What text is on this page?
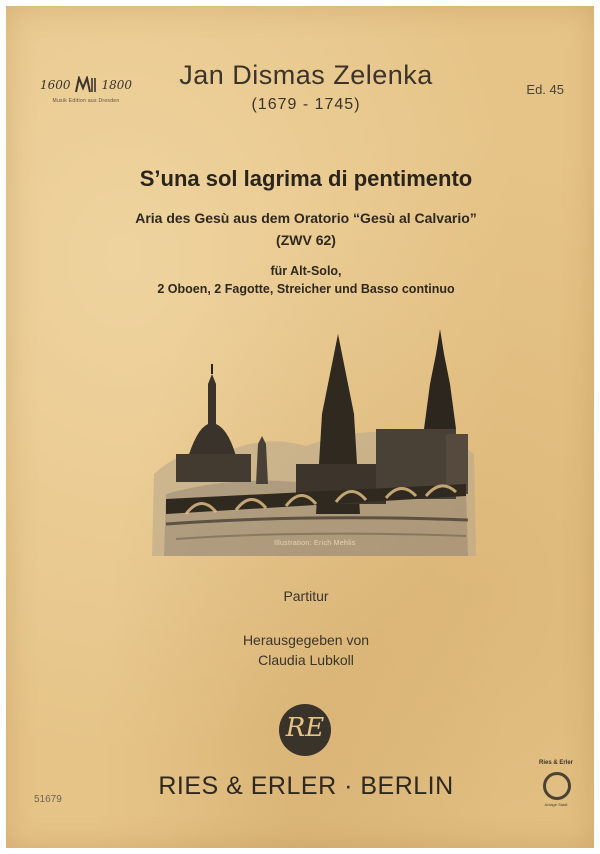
1600	1800
Musik Edition aus Dresden
Jan Dismas Zelenka
(1679 - 1745)
Ed. 45
S’una sol lagrima di pentimento
Aria des Gesù aus dem Oratorio “Gesù al Calvario”
(ZWV 62)
für Alt-Solo,
2 Oboen, 2 Fagotte, Streicher und Basso continuo
Illustration: Erich Mehlis
Partitur
Herausgegeben von
Claudia Lubkoll
RE
RIES & ERLER · BERLIN
Ries & Erler
Anlage Stadt
51679
